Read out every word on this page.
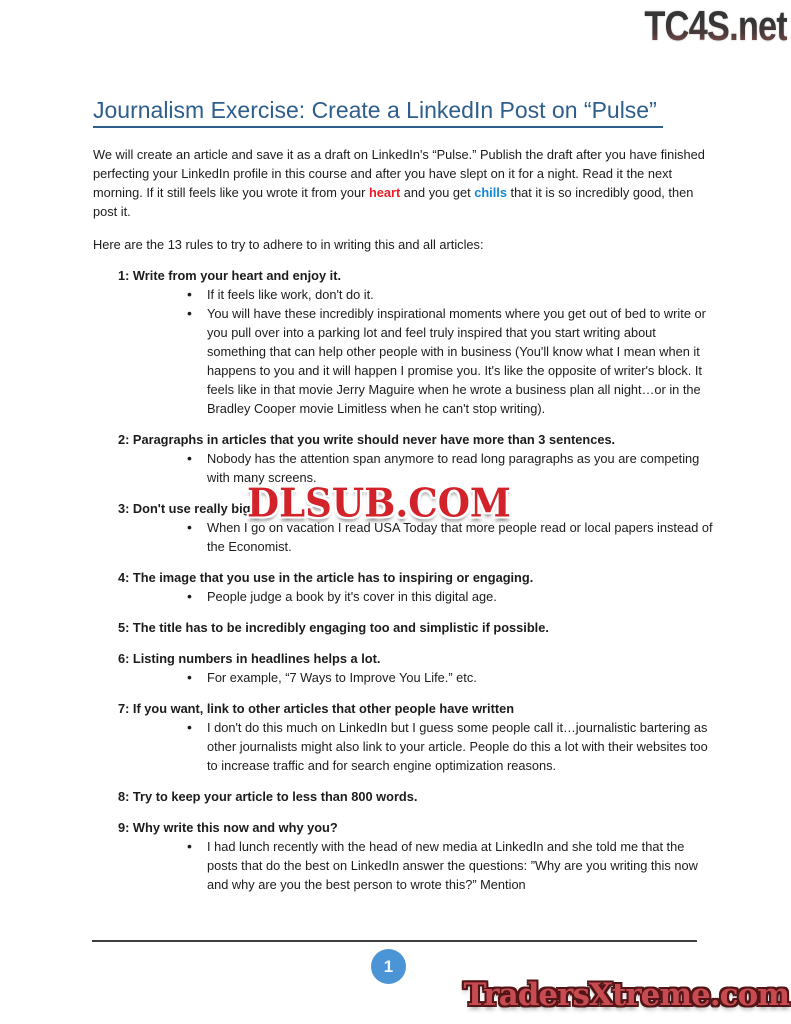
TC4S.net
Journalism Exercise: Create a LinkedIn Post on “Pulse”

We will create an article and save it as a draft on LinkedIn's “Pulse.” Publish the draft after you have finished perfecting your LinkedIn profile in this course and after you have slept on it for a night. Read it the next morning. If it still feels like you wrote it from your heart and you get chills that it is so incredibly good, then post it.

Here are the 13 rules to try to adhere to in writing this and all articles:

1: Write from your heart and enjoy it.
• If it feels like work, don't do it.
• You will have these incredibly inspirational moments where you get out of bed to write or you pull over into a parking lot and feel truly inspired that you start writing about something that can help other people with in business (You'll know what I mean when it happens to you and it will happen I promise you. It's like the opposite of writer's block. It feels like in that movie Jerry Maguire when he wrote a business plan all night…or in the Bradley Cooper movie Limitless when he can't stop writing).
2: Paragraphs in articles that you write should never have more than 3 sentences.
• Nobody has the attention span anymore to read long paragraphs as you are competing with many screens.
3: Don't use really big
• When I go on vacation I read USA Today that more people read or local papers instead of the Economist.
4: The image that you use in the article has to inspiring or engaging.
• People judge a book by it's cover in this digital age.
5: The title has to be incredibly engaging too and simplistic if possible.
6: Listing numbers in headlines helps a lot.
• For example, “7 Ways to Improve You Life.” etc.
7: If you want, link to other articles that other people have written
• I don't do this much on LinkedIn but I guess some people call it…journalistic bartering as other journalists might also link to your article. People do this a lot with their websites too to increase traffic and for search engine optimization reasons.
8: Try to keep your article to less than 800 words.
9: Why write this now and why you?
• I had lunch recently with the head of new media at LinkedIn and she told me that the posts that do the best on LinkedIn answer the questions: ”Why are you writing this now and why are you the best person to wrote this?” Mention
DLSUB.COM
1
TradersXtreme.com
